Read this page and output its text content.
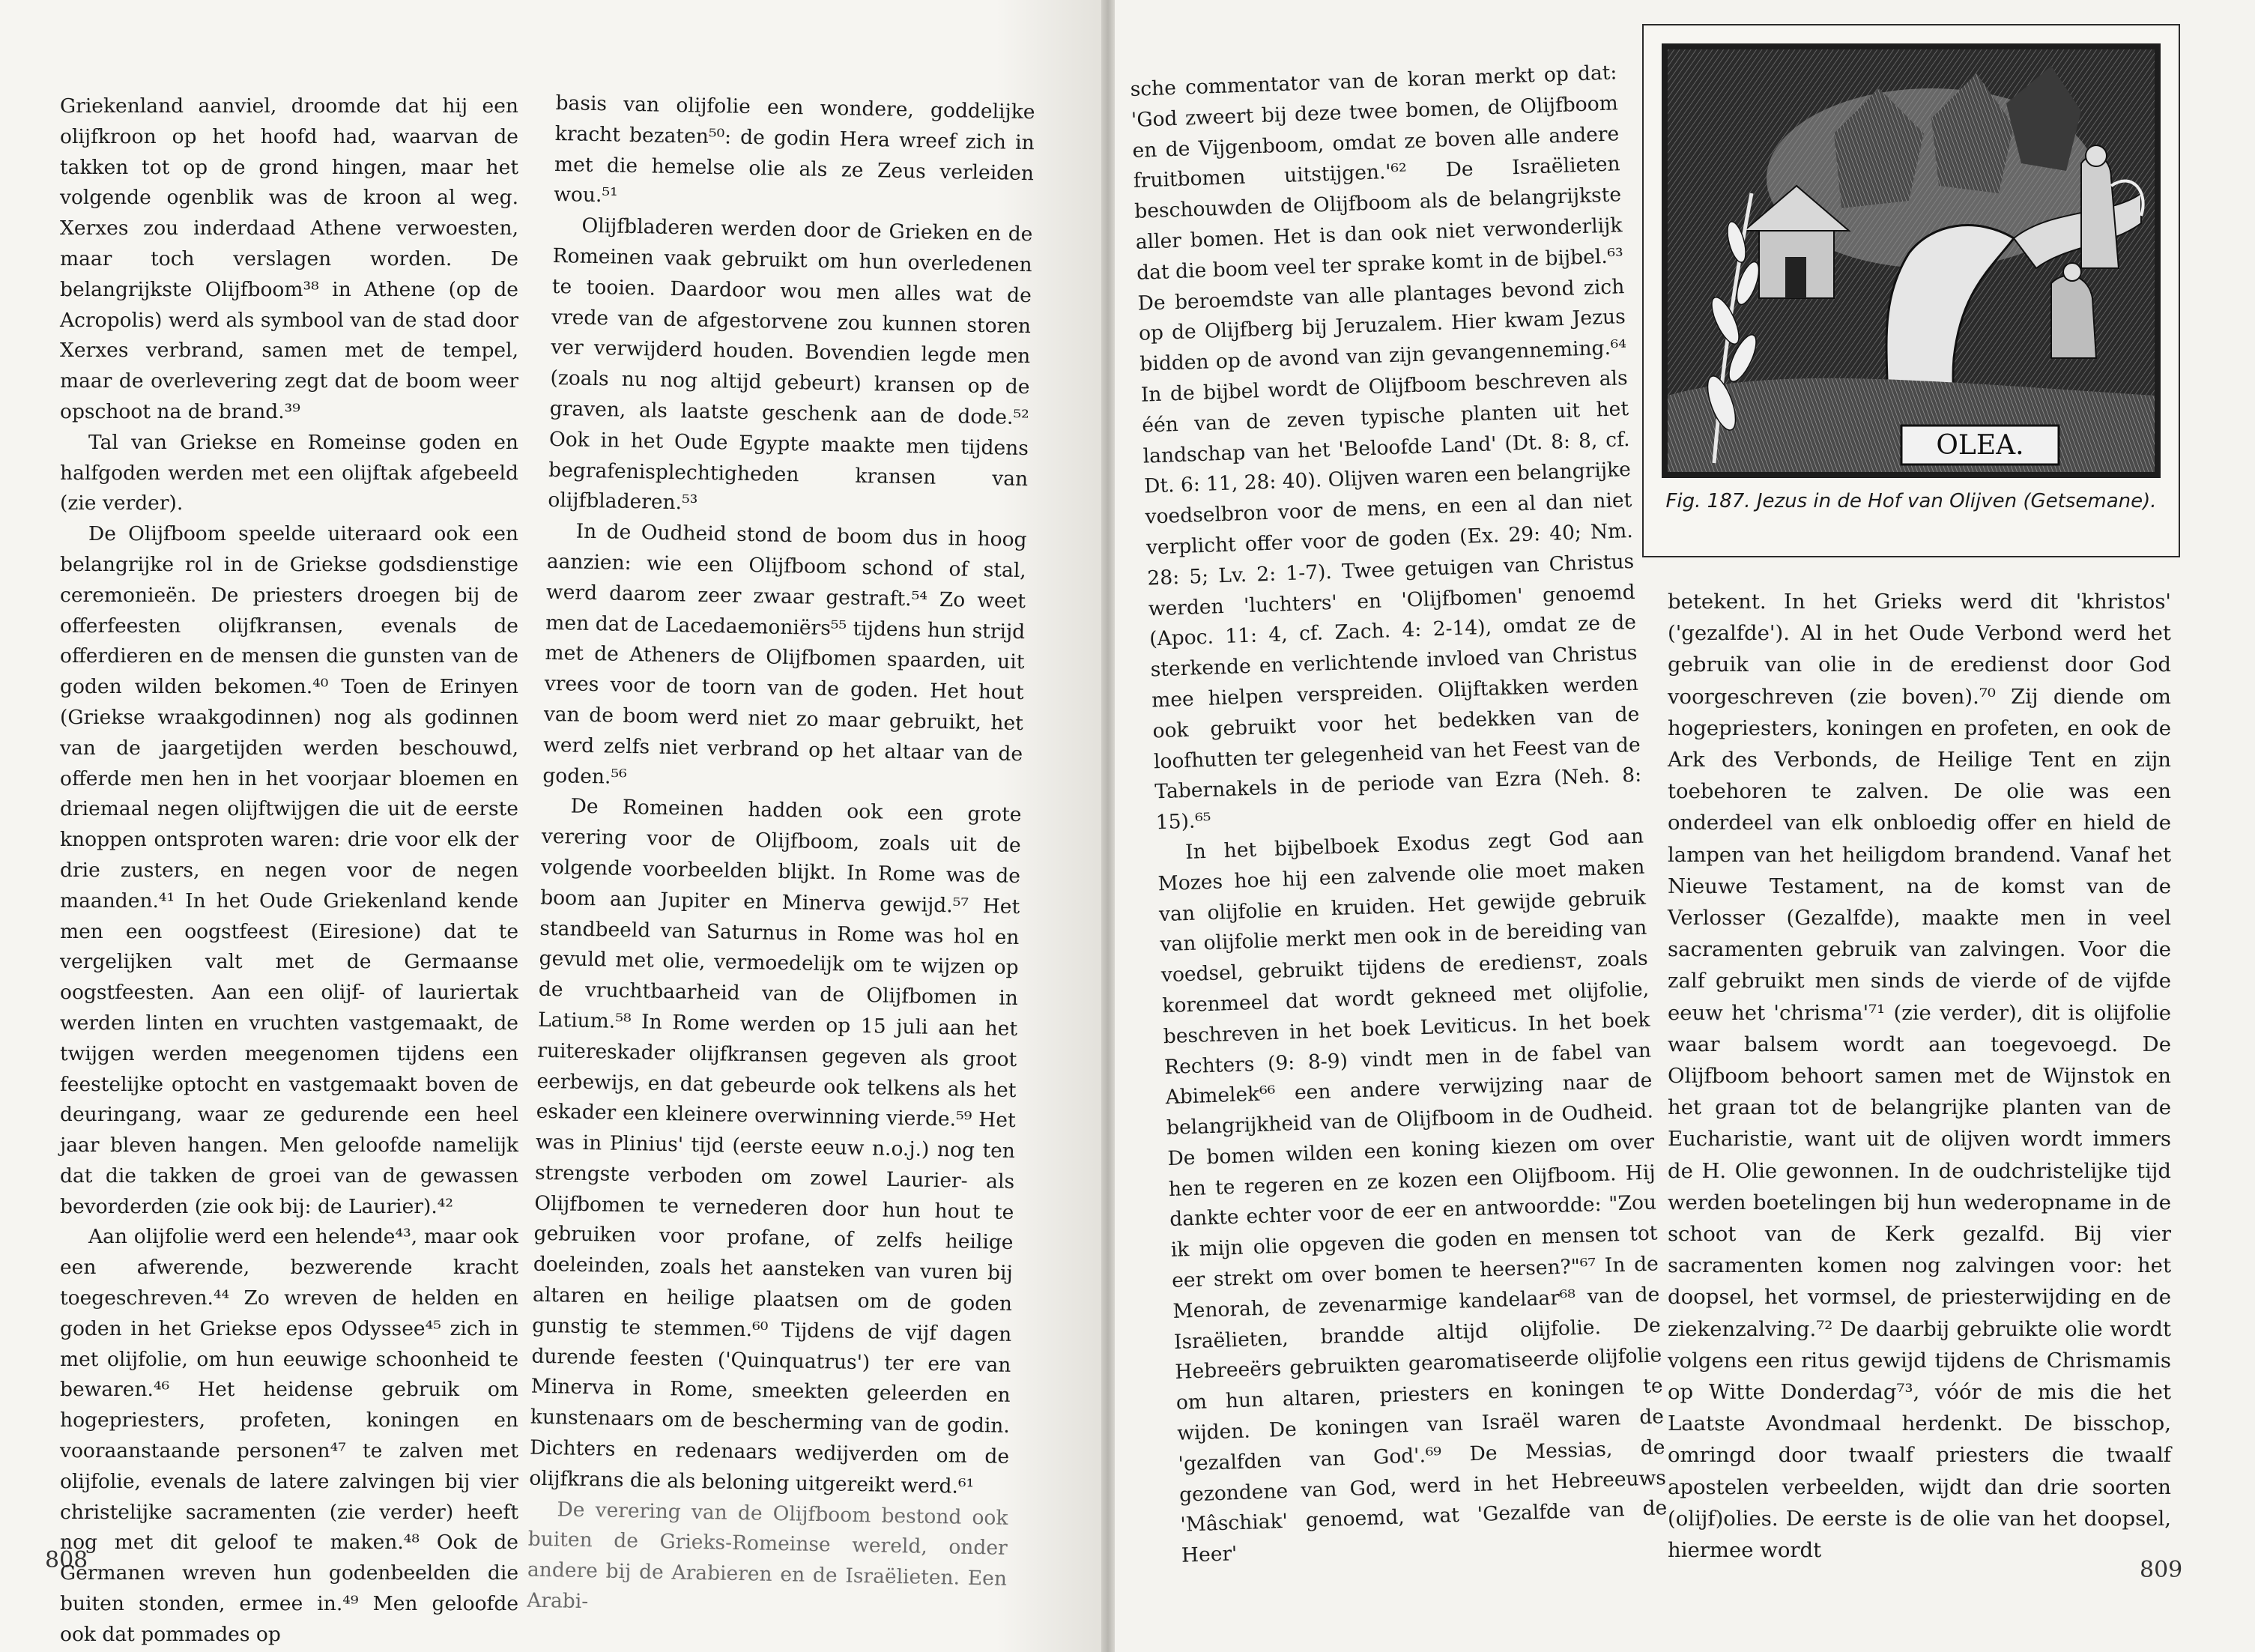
Griekenland aanviel, droomde dat hij een olijfkroon op het hoofd had, waarvan de takken tot op de grond hingen, maar het volgende ogenblik was de kroon al weg. Xerxes zou inderdaad Athene verwoesten, maar toch verslagen worden. De belangrijkste Olijfboom³⁸ in Athene (op de Acropolis) werd als symbool van de stad door Xerxes verbrand, samen met de tempel, maar de overlevering zegt dat de boom weer opschoot na de brand.³⁹

Tal van Griekse en Romeinse goden en halfgoden werden met een olijftak afgebeeld (zie verder).

De Olijfboom speelde uiteraard ook een belangrijke rol in de Griekse godsdienstige ceremonieën. De priesters droegen bij de offerfeesten olijfkransen, evenals de offerdieren en de mensen die gunsten van de goden wilden bekomen.⁴⁰ Toen de Erinyen (Griekse wraakgodinnen) nog als godinnen van de jaargetijden werden beschouwd, offerde men hen in het voorjaar bloemen en driemaal negen olijftwijgen die uit de eerste knoppen ontsproten waren: drie voor elk der drie zusters, en negen voor de negen maanden.⁴¹ In het Oude Griekenland kende men een oogstfeest (Eiresione) dat te vergelijken valt met de Germaanse oogstfeesten. Aan een olijf- of lauriertak werden linten en vruchten vastgemaakt, de twijgen werden meegenomen tijdens een feestelijke optocht en vastgemaakt boven de deuringang, waar ze gedurende een heel jaar bleven hangen. Men geloofde namelijk dat die takken de groei van de gewassen bevorderden (zie ook bij: de Laurier).⁴²

Aan olijfolie werd een helende⁴³, maar ook een afwerende, bezwerende kracht toegeschreven.⁴⁴ Zo wreven de helden en goden in het Griekse epos Odyssee⁴⁵ zich in met olijfolie, om hun eeuwige schoonheid te bewaren.⁴⁶ Het heidense gebruik om hogepriesters, profeten, koningen en vooraanstaande personen⁴⁷ te zalven met olijfolie, evenals de latere zalvingen bij vier christelijke sacramenten (zie verder) heeft nog met dit geloof te maken.⁴⁸ Ook de Germanen wreven hun godenbeelden die buiten stonden, ermee in.⁴⁹ Men geloofde ook dat pommades op

basis van olijfolie een wondere, goddelijke kracht bezaten⁵⁰: de godin Hera wreef zich in met die hemelse olie als ze Zeus verleiden wou.⁵¹

Olijfbladeren werden door de Grieken en de Romeinen vaak gebruikt om hun overledenen te tooien. Daardoor wou men alles wat de vrede van de afgestorvene zou kunnen storen ver verwijderd houden. Bovendien legde men (zoals nu nog altijd gebeurt) kransen op de graven, als laatste geschenk aan de dode.⁵² Ook in het Oude Egypte maakte men tijdens begrafenisplechtigheden kransen van olijfbladeren.⁵³

In de Oudheid stond de boom dus in hoog aanzien: wie een Olijfboom schond of stal, werd daarom zeer zwaar gestraft.⁵⁴ Zo weet men dat de Lacedaemoniërs⁵⁵ tijdens hun strijd met de Atheners de Olijfbomen spaarden, uit vrees voor de toorn van de goden. Het hout van de boom werd niet zo maar gebruikt, het werd zelfs niet verbrand op het altaar van de goden.⁵⁶

De Romeinen hadden ook een grote verering voor de Olijfboom, zoals uit de volgende voorbeelden blijkt. In Rome was de boom aan Jupiter en Minerva gewijd.⁵⁷ Het standbeeld van Saturnus in Rome was hol en gevuld met olie, vermoedelijk om te wijzen op de vruchtbaarheid van de Olijfbomen in Latium.⁵⁸ In Rome werden op 15 juli aan het ruitereskader olijfkransen gegeven als groot eerbewijs, en dat gebeurde ook telkens als het eskader een kleinere overwinning vierde.⁵⁹ Het was in Plinius' tijd (eerste eeuw n.o.j.) nog ten strengste verboden om zowel Laurier- als Olijfbomen te vernederen door hun hout te gebruiken voor profane, of zelfs heilige doeleinden, zoals het aansteken van vuren bij altaren en heilige plaatsen om de goden gunstig te stemmen.⁶⁰ Tijdens de vijf dagen durende feesten ('Quinquatrus') ter ere van Minerva in Rome, smeekten geleerden en kunstenaars om de bescherming van de godin. Dichters en redenaars wedijverden om de olijfkrans die als beloning uitgereikt werd.⁶¹

De verering van de Olijfboom bestond ook buiten de Grieks-Romeinse wereld, onder andere bij de Arabieren en de Israëlieten. Een Arabi-

808

sche commentator van de koran merkt op dat: 'God zweert bij deze twee bomen, de Olijfboom en de Vijgenboom, omdat ze boven alle andere fruitbomen uitstijgen.'⁶² De Israëlieten beschouwden de Olijfboom als de belangrijkste aller bomen. Het is dan ook niet verwonderlijk dat die boom veel ter sprake komt in de bijbel.⁶³ De beroemdste van alle plantages bevond zich op de Olijfberg bij Jeruzalem. Hier kwam Jezus bidden op de avond van zijn gevangenneming.⁶⁴ In de bijbel wordt de Olijfboom beschreven als één van de zeven typische planten uit het landschap van het 'Beloofde Land' (Dt. 8: 8, cf. Dt. 6: 11, 28: 40). Olijven waren een belangrijke voedselbron voor de mens, en een al dan niet verplicht offer voor de goden (Ex. 29: 40; Nm. 28: 5; Lv. 2: 1-7). Twee getuigen van Christus werden 'luchters' en 'Olijfbomen' genoemd (Apoc. 11: 4, cf. Zach. 4: 2-14), omdat ze de sterkende en verlichtende invloed van Christus mee hielpen verspreiden. Olijftakken werden ook gebruikt voor het bedekken van de loofhutten ter gelegenheid van het Feest van de Tabernakels in de periode van Ezra (Neh. 8: 15).⁶⁵

In het bijbelboek Exodus zegt God aan Mozes hoe hij een zalvende olie moet maken van olijfolie en kruiden. Het gewijde gebruik van olijfolie merkt men ook in de bereiding van voedsel, gebruikt tijdens de erediensт, zoals korenmeel dat wordt gekneed met olijfolie, beschreven in het boek Leviticus. In het boek Rechters (9: 8-9) vindt men in de fabel van Abimelek⁶⁶ een andere verwijzing naar de belangrijkheid van de Olijfboom in de Oudheid. De bomen wilden een koning kiezen om over hen te regeren en ze kozen een Olijfboom. Hij dankte echter voor de eer en antwoordde: "Zou ik mijn olie opgeven die goden en mensen tot eer strekt om over bomen te heersen?"⁶⁷ In de Menorah, de zevenarmige kandelaar⁶⁸ van de Israëlieten, brandde altijd olijfolie. De Hebreeërs gebruikten gearomatiseerde olijfolie om hun altaren, priesters en koningen te wijden. De koningen van Israël waren de 'gezalfden van God'.⁶⁹ De Messias, de gezondene van God, werd in het Hebreeuws 'Mâschiak' genoemd, wat 'Gezalfde van de Heer'

OLEA.
Fig. 187. Jezus in de Hof van Olijven (Getsemane).

betekent. In het Grieks werd dit 'khristos' ('gezalfde'). Al in het Oude Verbond werd het gebruik van olie in de eredienst door God voorgeschreven (zie boven).⁷⁰ Zij diende om hogepriesters, koningen en profeten, en ook de Ark des Verbonds, de Heilige Tent en zijn toebehoren te zalven. De olie was een onderdeel van elk onbloedig offer en hield de lampen van het heiligdom brandend. Vanaf het Nieuwe Testament, na de komst van de Verlosser (Gezalfde), maakte men in veel sacramenten gebruik van zalvingen. Voor die zalf gebruikt men sinds de vierde of de vijfde eeuw het 'chrisma'⁷¹ (zie verder), dit is olijfolie waar balsem wordt aan toegevoegd. De Olijfboom behoort samen met de Wijnstok en het graan tot de belangrijke planten van de Eucharistie, want uit de olijven wordt immers de H. Olie gewonnen. In de oudchristelijke tijd werden boetelingen bij hun wederopname in de schoot van de Kerk gezalfd. Bij vier sacramenten komen nog zalvingen voor: het doopsel, het vormsel, de priesterwijding en de ziekenzalving.⁷² De daarbij gebruikte olie wordt volgens een ritus gewijd tijdens de Chrismamis op Witte Donderdag⁷³, vóór de mis die het Laatste Avondmaal herdenkt. De bisschop, omringd door twaalf priesters die twaalf apostelen verbeelden, wijdt dan drie soorten (olijf)olies. De eerste is de olie van het doopsel, hiermee wordt

809
